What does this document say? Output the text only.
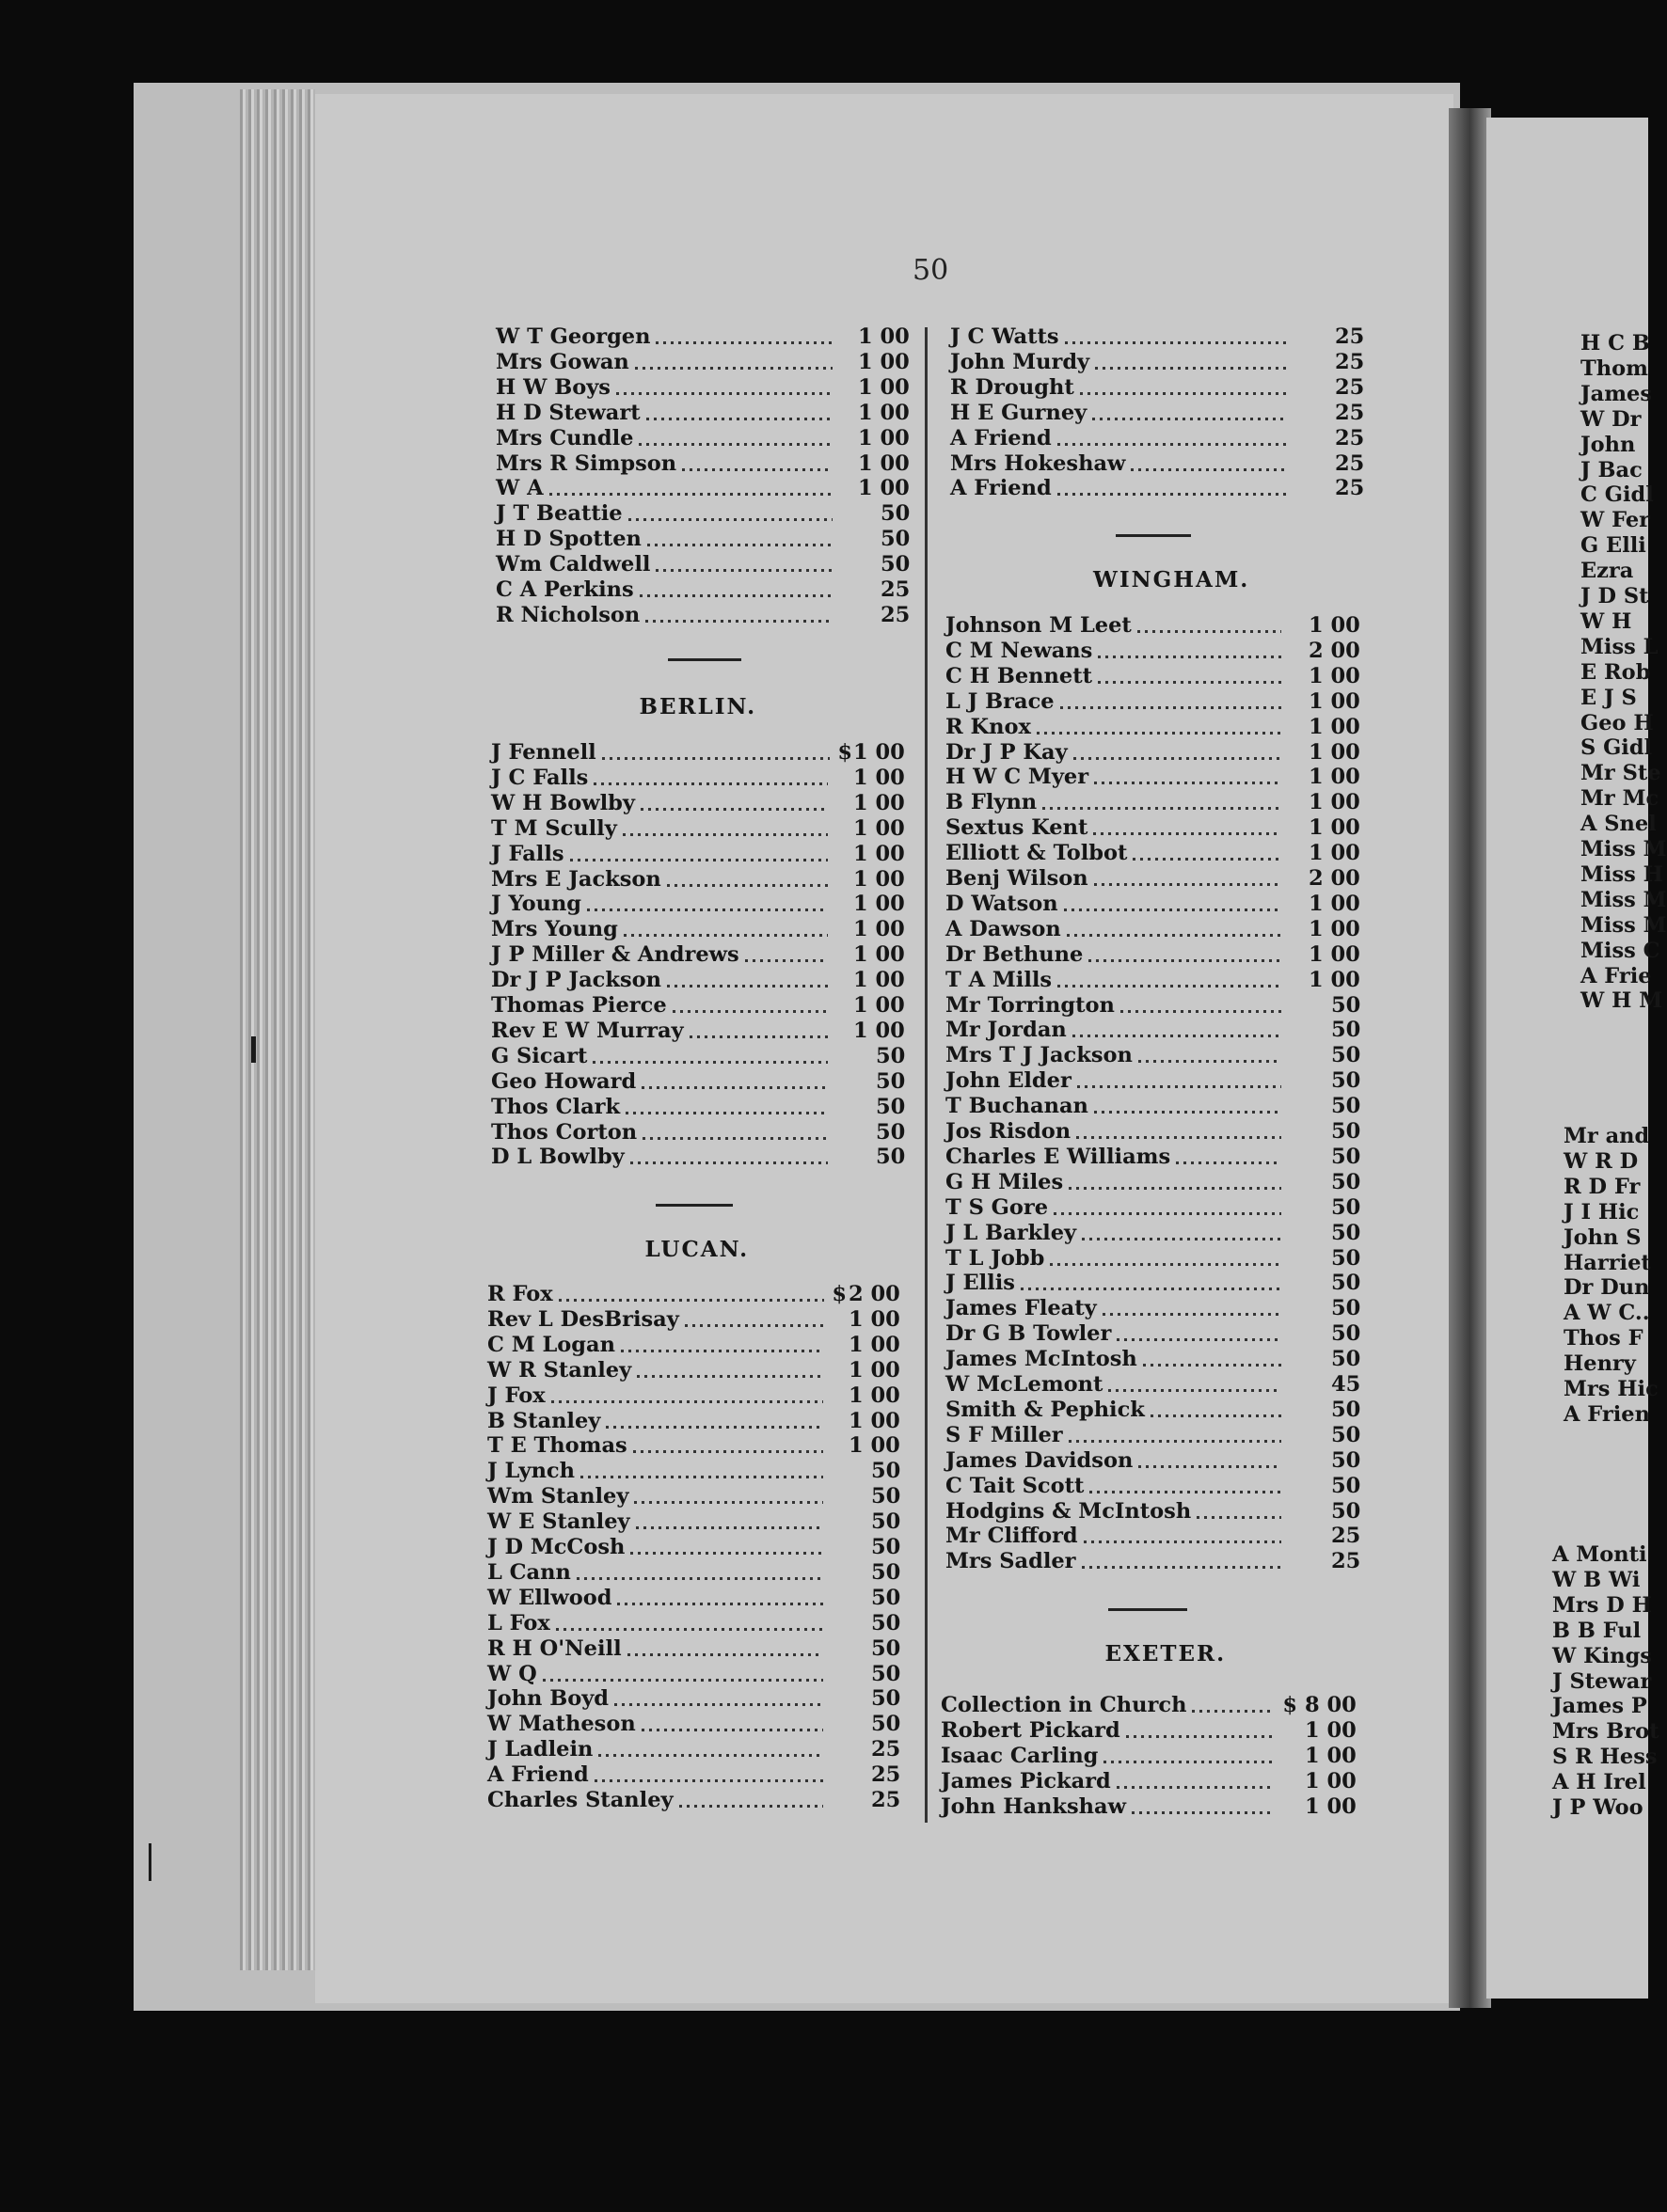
50
W T Georgen	1 00
Mrs Gowan	1 00
H W Boys	1 00
H D Stewart	1 00
Mrs Cundle	1 00
Mrs R Simpson	1 00
W A	1 00
J T Beattie	50
H D Spotten	50
Wm Caldwell	50
C A Perkins	25
R Nicholson	25
BERLIN.
J Fennell	$ 1 00
J C Falls	1 00
W H Bowlby	1 00
T M Scully	1 00
J Falls	1 00
Mrs E Jackson	1 00
J Young	1 00
Mrs Young	1 00
J P Miller & Andrews	1 00
Dr J P Jackson	1 00
Thomas Pierce	1 00
Rev E W Murray	1 00
G Sicart	50
Geo Howard	50
Thos Clark	50
Thos Corton	50
D L Bowlby	50
LUCAN.
R Fox	$ 2 00
Rev L DesBrisay	1 00
C M Logan	1 00
W R Stanley	1 00
J Fox	1 00
B Stanley	1 00
T E Thomas	1 00
J Lynch	50
Wm Stanley	50
W E Stanley	50
J D McCosh	50
L Cann	50
W Ellwood	50
L Fox	50
R H O'Neill	50
W Q	50
John Boyd	50
W Matheson	50
J Ladlein	25
A Friend	25
Charles Stanley	25
J C Watts	25
John Murdy	25
R Drought	25
H E Gurney	25
A Friend	25
Mrs Hokeshaw	25
A Friend	25
WINGHAM.
Johnson M Leet	1 00
C M Newans	2 00
C H Bennett	1 00
L J Brace	1 00
R Knox	1 00
Dr J P Kay	1 00
H W C Myer	1 00
B Flynn	1 00
Sextus Kent	1 00
Elliott & Tolbot	1 00
Benj Wilson	2 00
D Watson	1 00
A Dawson	1 00
Dr Bethune	1 00
T A Mills	1 00
Mr Torrington	50
Mr Jordan	50
Mrs T J Jackson	50
John Elder	50
T Buchanan	50
Jos Risdon	50
Charles E Williams	50
G H Miles	50
T S Gore	50
J L Barkley	50
T L Jobb	50
J Ellis	50
James Fleaty	50
Dr G B Towler	50
James McIntosh	50
W McLemont	45
Smith & Pephick	50
S F Miller	50
James Davidson	50
C Tait Scott	50
Hodgins & McIntosh	50
Mr Clifford	25
Mrs Sadler	25
EXETER.
Collection in Church	$ 8 00
Robert Pickard	1 00
Isaac Carling	1 00
James Pickard	1 00
John Hankshaw	1 00
H C B
Thom
James
W Dr
John
J Bac
C Gidl
W Fer
G Elli
Ezra
J D St
W H
Miss L
E Rob
E J S
Geo H
S Gidl
Mr Ste
Mr Mc
A Snel
Miss M
Miss H
Miss M
Miss M
Miss C
A Frie
W H M
Mr and
W R D
R D Fr
J I Hic
John S
Harriet
Dr Dun
A W C..
Thos F
Henry
Mrs Hic
A Frien
A Monti
W B Wi
Mrs D H
B B Ful
W Kings
J Stewar
James P
Mrs Brot
S R Hess
A H Irel
J P Woo
